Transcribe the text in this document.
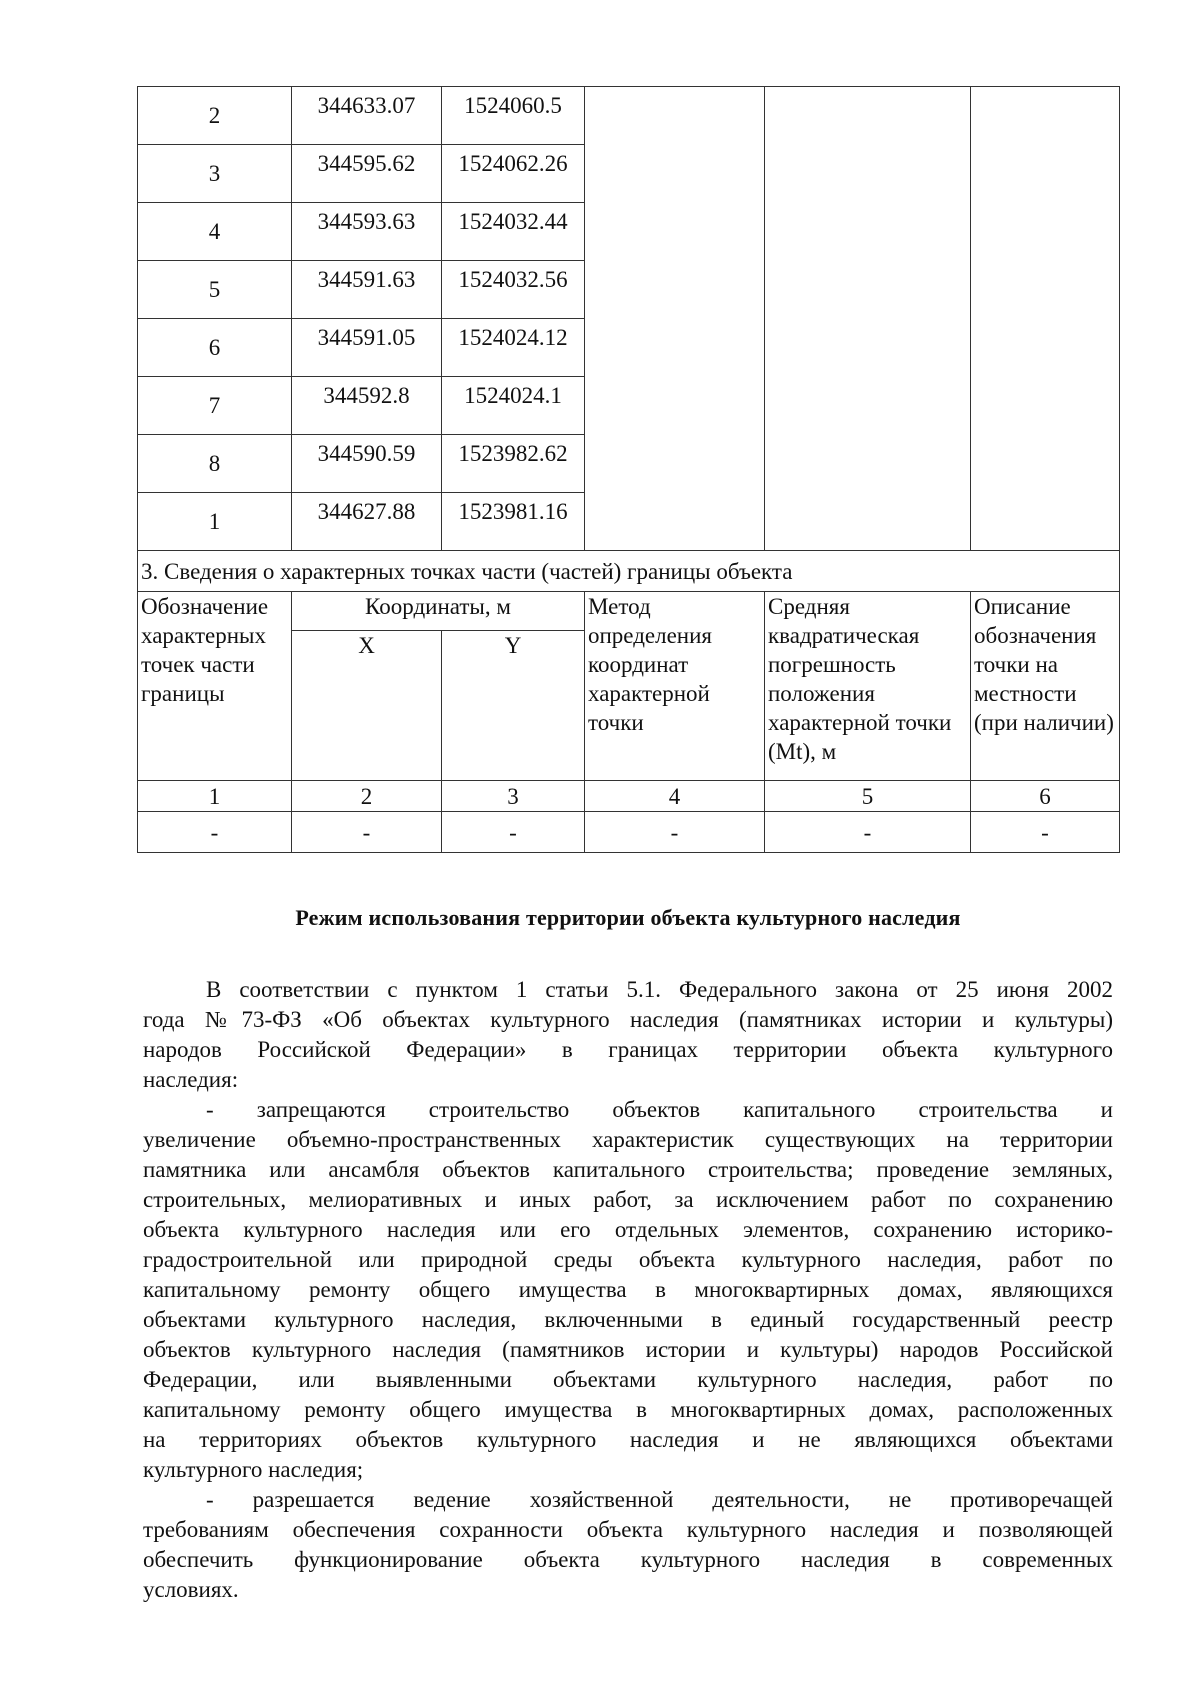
2	344633.07	1524060.5			
3	344595.62	1524062.26			
4	344593.63	1524032.44			
5	344591.63	1524032.56			
6	344591.05	1524024.12			
7	344592.8	1524024.1			
8	344590.59	1523982.62			
1	344627.88	1523981.16			
3. Сведения о характерных точках части (частей) границы объекта					
Обозначение характерных точек части границы	Координаты, м		Метод определения координат характерной точки	Средняя квадратическая погрешность положения характерной точки (Mt), м	Описание обозначения точки на местности (при наличии)
	X	Y			
1	2	3	4	5	6
-	-	-	-	-	-
Режим использования территории объекта культурного наследия
В соответствии с пунктом 1 статьи 5.1. Федерального закона от 25 июня 2002
года №73-ФЗ «Об объектах культурного наследия (памятниках истории и культуры)
народов Российской Федерации» в границах территории объекта культурного
наследия:
- запрещаются строительство объектов капитального строительства и
увеличение объемно-пространственных характеристик существующих на территории
памятника или ансамбля объектов капитального строительства; проведение земляных,
строительных, мелиоративных и иных работ, за исключением работ по сохранению
объекта культурного наследия или его отдельных элементов, сохранению историко-
градостроительной или природной среды объекта культурного наследия, работ по
капитальному ремонту общего имущества в многоквартирных домах, являющихся
объектами культурного наследия, включенными в единый государственный реестр
объектов культурного наследия (памятников истории и культуры) народов Российской
Федерации, или выявленными объектами культурного наследия, работ по
капитальному ремонту общего имущества в многоквартирных домах, расположенных
на территориях объектов культурного наследия и не являющихся объектами
культурного наследия;
- разрешается ведение хозяйственной деятельности, не противоречащей
требованиям обеспечения сохранности объекта культурного наследия и позволяющей
обеспечить функционирование объекта культурного наследия в современных
условиях.
